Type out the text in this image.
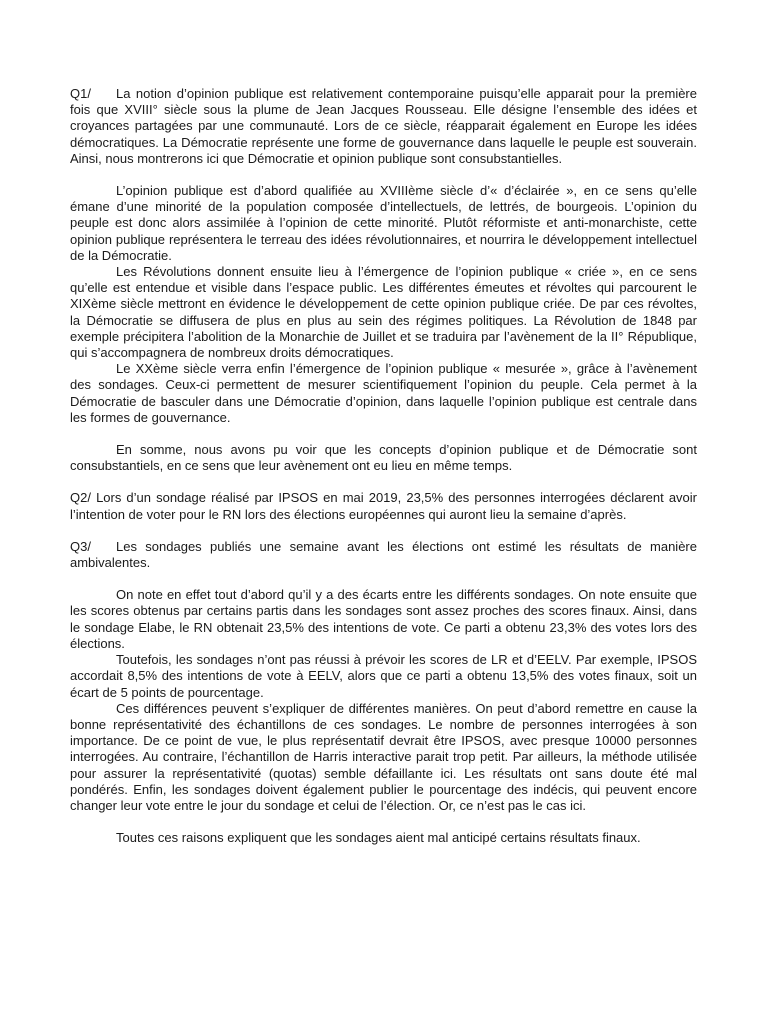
Q1/ La notion d’opinion publique est relativement contemporaine puisqu’elle apparait pour la première fois que XVIII° siècle sous la plume de Jean Jacques Rousseau. Elle désigne l’ensemble des idées et croyances partagées par une communauté. Lors de ce siècle, réapparait également en Europe les idées démocratiques. La Démocratie représente une forme de gouvernance dans laquelle le peuple est souverain. Ainsi, nous montrerons ici que Démocratie et opinion publique sont consubstantielles.

L’opinion publique est d’abord qualifiée au XVIIIème siècle d’« d’éclairée », en ce sens qu’elle émane d’une minorité de la population composée d’intellectuels, de lettrés, de bourgeois. L’opinion du peuple est donc alors assimilée à l’opinion de cette minorité. Plutôt réformiste et anti-monarchiste, cette opinion publique représentera le terreau des idées révolutionnaires, et nourrira le développement intellectuel de la Démocratie.

Les Révolutions donnent ensuite lieu à l’émergence de l’opinion publique « criée », en ce sens qu’elle est entendue et visible dans l’espace public. Les différentes émeutes et révoltes qui parcourent le XIXème siècle mettront en évidence le développement de cette opinion publique criée. De par ces révoltes, la Démocratie se diffusera de plus en plus au sein des régimes politiques. La Révolution de 1848 par exemple précipitera l’abolition de la Monarchie de Juillet et se traduira par l’avènement de la II° République, qui s’accompagnera de nombreux droits démocratiques.

Le XXème siècle verra enfin l’émergence de l’opinion publique « mesurée », grâce à l’avènement des sondages. Ceux-ci permettent de mesurer scientifiquement l’opinion du peuple. Cela permet à la Démocratie de basculer dans une Démocratie d’opinion, dans laquelle l’opinion publique est centrale dans les formes de gouvernance.

En somme, nous avons pu voir que les concepts d’opinion publique et de Démocratie sont consubstantiels, en ce sens que leur avènement ont eu lieu en même temps.

Q2/ Lors d’un sondage réalisé par IPSOS en mai 2019, 23,5% des personnes interrogées déclarent avoir l’intention de voter pour le RN lors des élections européennes qui auront lieu la semaine d’après.

Q3/ Les sondages publiés une semaine avant les élections ont estimé les résultats de manière ambivalentes.

On note en effet tout d’abord qu’il y a des écarts entre les différents sondages. On note ensuite que les scores obtenus par certains partis dans les sondages sont assez proches des scores finaux. Ainsi, dans le sondage Elabe, le RN obtenait 23,5% des intentions de vote. Ce parti a obtenu 23,3% des votes lors des élections.

Toutefois, les sondages n’ont pas réussi à prévoir les scores de LR et d’EELV. Par exemple, IPSOS accordait 8,5% des intentions de vote à EELV, alors que ce parti a obtenu 13,5% des votes finaux, soit un écart de 5 points de pourcentage.

Ces différences peuvent s’expliquer de différentes manières. On peut d’abord remettre en cause la bonne représentativité des échantillons de ces sondages. Le nombre de personnes interrogées à son importance. De ce point de vue, le plus représentatif devrait être IPSOS, avec presque 10000 personnes interrogées. Au contraire, l’échantillon de Harris interactive parait trop petit. Par ailleurs, la méthode utilisée pour assurer la représentativité (quotas) semble défaillante ici. Les résultats ont sans doute été mal pondérés. Enfin, les sondages doivent également publier le pourcentage des indécis, qui peuvent encore changer leur vote entre le jour du sondage et celui de l’élection. Or, ce n’est pas le cas ici.

Toutes ces raisons expliquent que les sondages aient mal anticipé certains résultats finaux.
